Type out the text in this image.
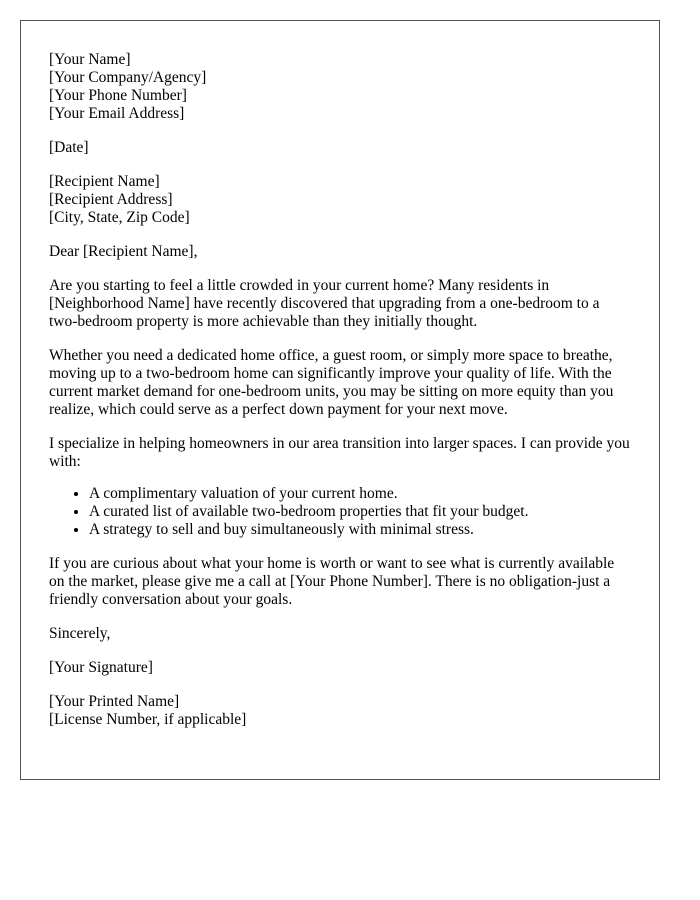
[Your Name]
[Your Company/Agency]
[Your Phone Number]
[Your Email Address]
[Date]
[Recipient Name]
[Recipient Address]
[City, State, Zip Code]

Dear [Recipient Name],

Are you starting to feel a little crowded in your current home? Many residents in [Neighborhood Name] have recently discovered that upgrading from a one-bedroom to a two-bedroom property is more achievable than they initially thought.

Whether you need a dedicated home office, a guest room, or simply more space to breathe, moving up to a two-bedroom home can significantly improve your quality of life. With the current market demand for one-bedroom units, you may be sitting on more equity than you realize, which could serve as a perfect down payment for your next move.

I specialize in helping homeowners in our area transition into larger spaces. I can provide you with:

• A complimentary valuation of your current home.
• A curated list of available two-bedroom properties that fit your budget.
• A strategy to sell and buy simultaneously with minimal stress.

If you are curious about what your home is worth or want to see what is currently available on the market, please give me a call at [Your Phone Number]. There is no obligation-just a friendly conversation about your goals.

Sincerely,

[Your Signature]

[Your Printed Name]
[License Number, if applicable]
